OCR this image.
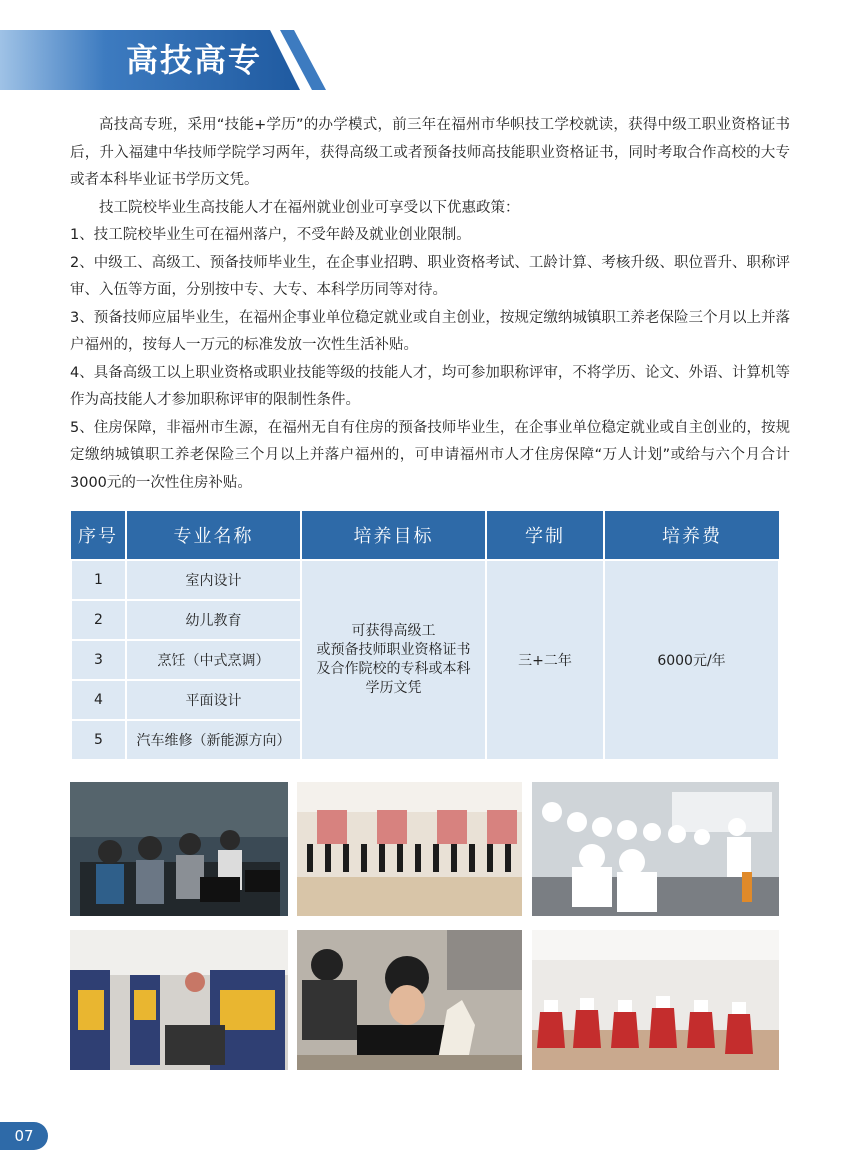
高技高专

高技高专班，采用“技能+学历”的办学模式，前三年在福州市华帜技工学校就读，获得中级工职业资格证书后，升入福建中华技师学院学习两年，获得高级工或者预备技师高技能职业资格证书，同时考取合作高校的大专或者本科毕业证书学历文凭。

技工院校毕业生高技能人才在福州就业创业可享受以下优惠政策：

1、技工院校毕业生可在福州落户，不受年龄及就业创业限制。

2、中级工、高级工、预备技师毕业生，在企事业招聘、职业资格考试、工龄计算、考核升级、职位晋升、职称评审、入伍等方面，分别按中专、大专、本科学历同等对待。

3、预备技师应届毕业生，在福州企事业单位稳定就业或自主创业，按规定缴纳城镇职工养老保险三个月以上并落户福州的，按每人一万元的标准发放一次性生活补贴。

4、具备高级工以上职业资格或职业技能等级的技能人才，均可参加职称评审，不将学历、论文、外语、计算机等作为高技能人才参加职称评审的限制性条件。

5、住房保障，非福州市生源，在福州无自有住房的预备技师毕业生，在企事业单位稳定就业或自主创业的，按规定缴纳城镇职工养老保险三个月以上并落户福州的，可申请福州市人才住房保障“万人计划”或给与六个月合计3000元的一次性住房补贴。

序号	专业名称	培养目标	学制	培养费
1	室内设计	可获得高级工
或预备技师职业资格证书
及合作院校的专科或本科
学历文凭	三+二年	6000元/年
2	幼儿教育			
3	烹饪（中式烹调）			
4	平面设计			
5	汽车维修（新能源方向）			
07
